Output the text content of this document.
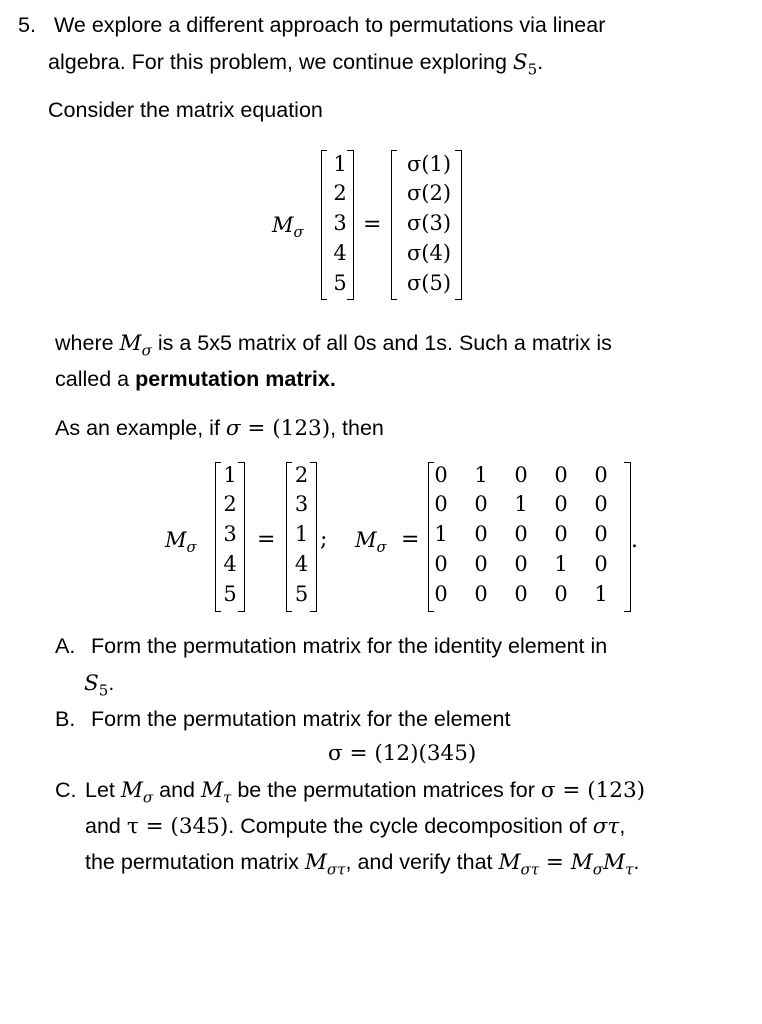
5. We explore a different approach to permutations via linear
algebra. For this problem, we continue exploring $S_5$.
Consider the matrix equation
$M_\sigma$
1
2
3
4
5
=
σ(1)
σ(2)
σ(3)
σ(4)
σ(5)
where $M_\sigma$ is a 5x5 matrix of all 0s and 1s. Such a matrix is
called a permutation matrix.
As an example, if σ = (123), then
$M_\sigma$
1
2
3
4
5
=
2
3
1
4
5
; $M_\sigma$ =
0 1 0 0 0
0 0 1 0 0
1 0 0 0 0
0 0 0 1 0
0 0 0 0 1
.
A. Form the permutation matrix for the identity element in
$S_5$.
B. Form the permutation matrix for the element
σ = (12)(345)
C. Let $M_\sigma$ and $M_\tau$ be the permutation matrices for σ = (123)
and τ = (345). Compute the cycle decomposition of στ,
the permutation matrix $M_{\sigma\tau}$, and verify that $M_{\sigma\tau} = M_\sigma M_\tau$.
